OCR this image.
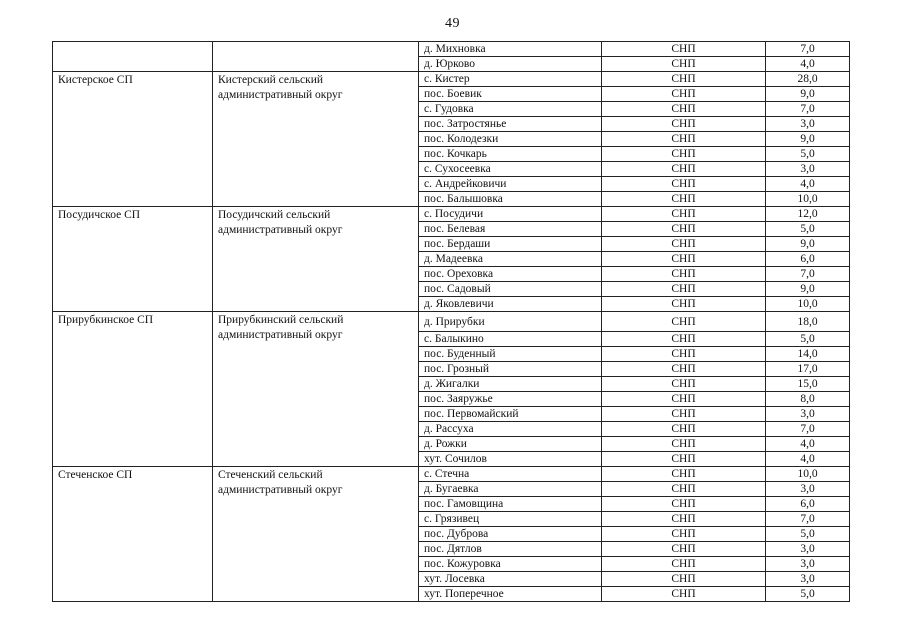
49
		д. Михновка	СНП	7,0
		д. Юрково	СНП	4,0
Кистерское СП	Кистерский сельский административный округ	с. Кистер	СНП	28,0
		пос. Боевик	СНП	9,0
		с. Гудовка	СНП	7,0
		пос. Затростянье	СНП	3,0
		пос. Колодезки	СНП	9,0
		пос. Кочкарь	СНП	5,0
		с. Сухосеевка	СНП	3,0
		с. Андрейковичи	СНП	4,0
		пос. Балышовка	СНП	10,0
Посудичское СП	Посудичский сельский административный округ	с. Посудичи	СНП	12,0
		пос. Белевая	СНП	5,0
		пос. Бердаши	СНП	9,0
		д. Мадеевка	СНП	6,0
		пос. Ореховка	СНП	7,0
		пос. Садовый	СНП	9,0
		д. Яковлевичи	СНП	10,0
Прирубкинское СП	Прирубкинский сельский административный округ	д. Прирубки	СНП	18,0
		с. Балыкино	СНП	5,0
		пос. Буденный	СНП	14,0
		пос. Грозный	СНП	17,0
		д. Жигалки	СНП	15,0
		пос. Заяружье	СНП	8,0
		пос. Первомайский	СНП	3,0
		д. Рассуха	СНП	7,0
		д. Рожки	СНП	4,0
		хут. Сочилов	СНП	4,0
Стеченское СП	Стеченский сельский административный округ	с. Стечна	СНП	10,0
		д. Бугаевка	СНП	3,0
		пос. Гамовщина	СНП	6,0
		с. Грязивец	СНП	7,0
		пос. Дуброва	СНП	5,0
		пос. Дятлов	СНП	3,0
		пос. Кожуровка	СНП	3,0
		хут. Лосевка	СНП	3,0
		хут. Поперечное	СНП	5,0
